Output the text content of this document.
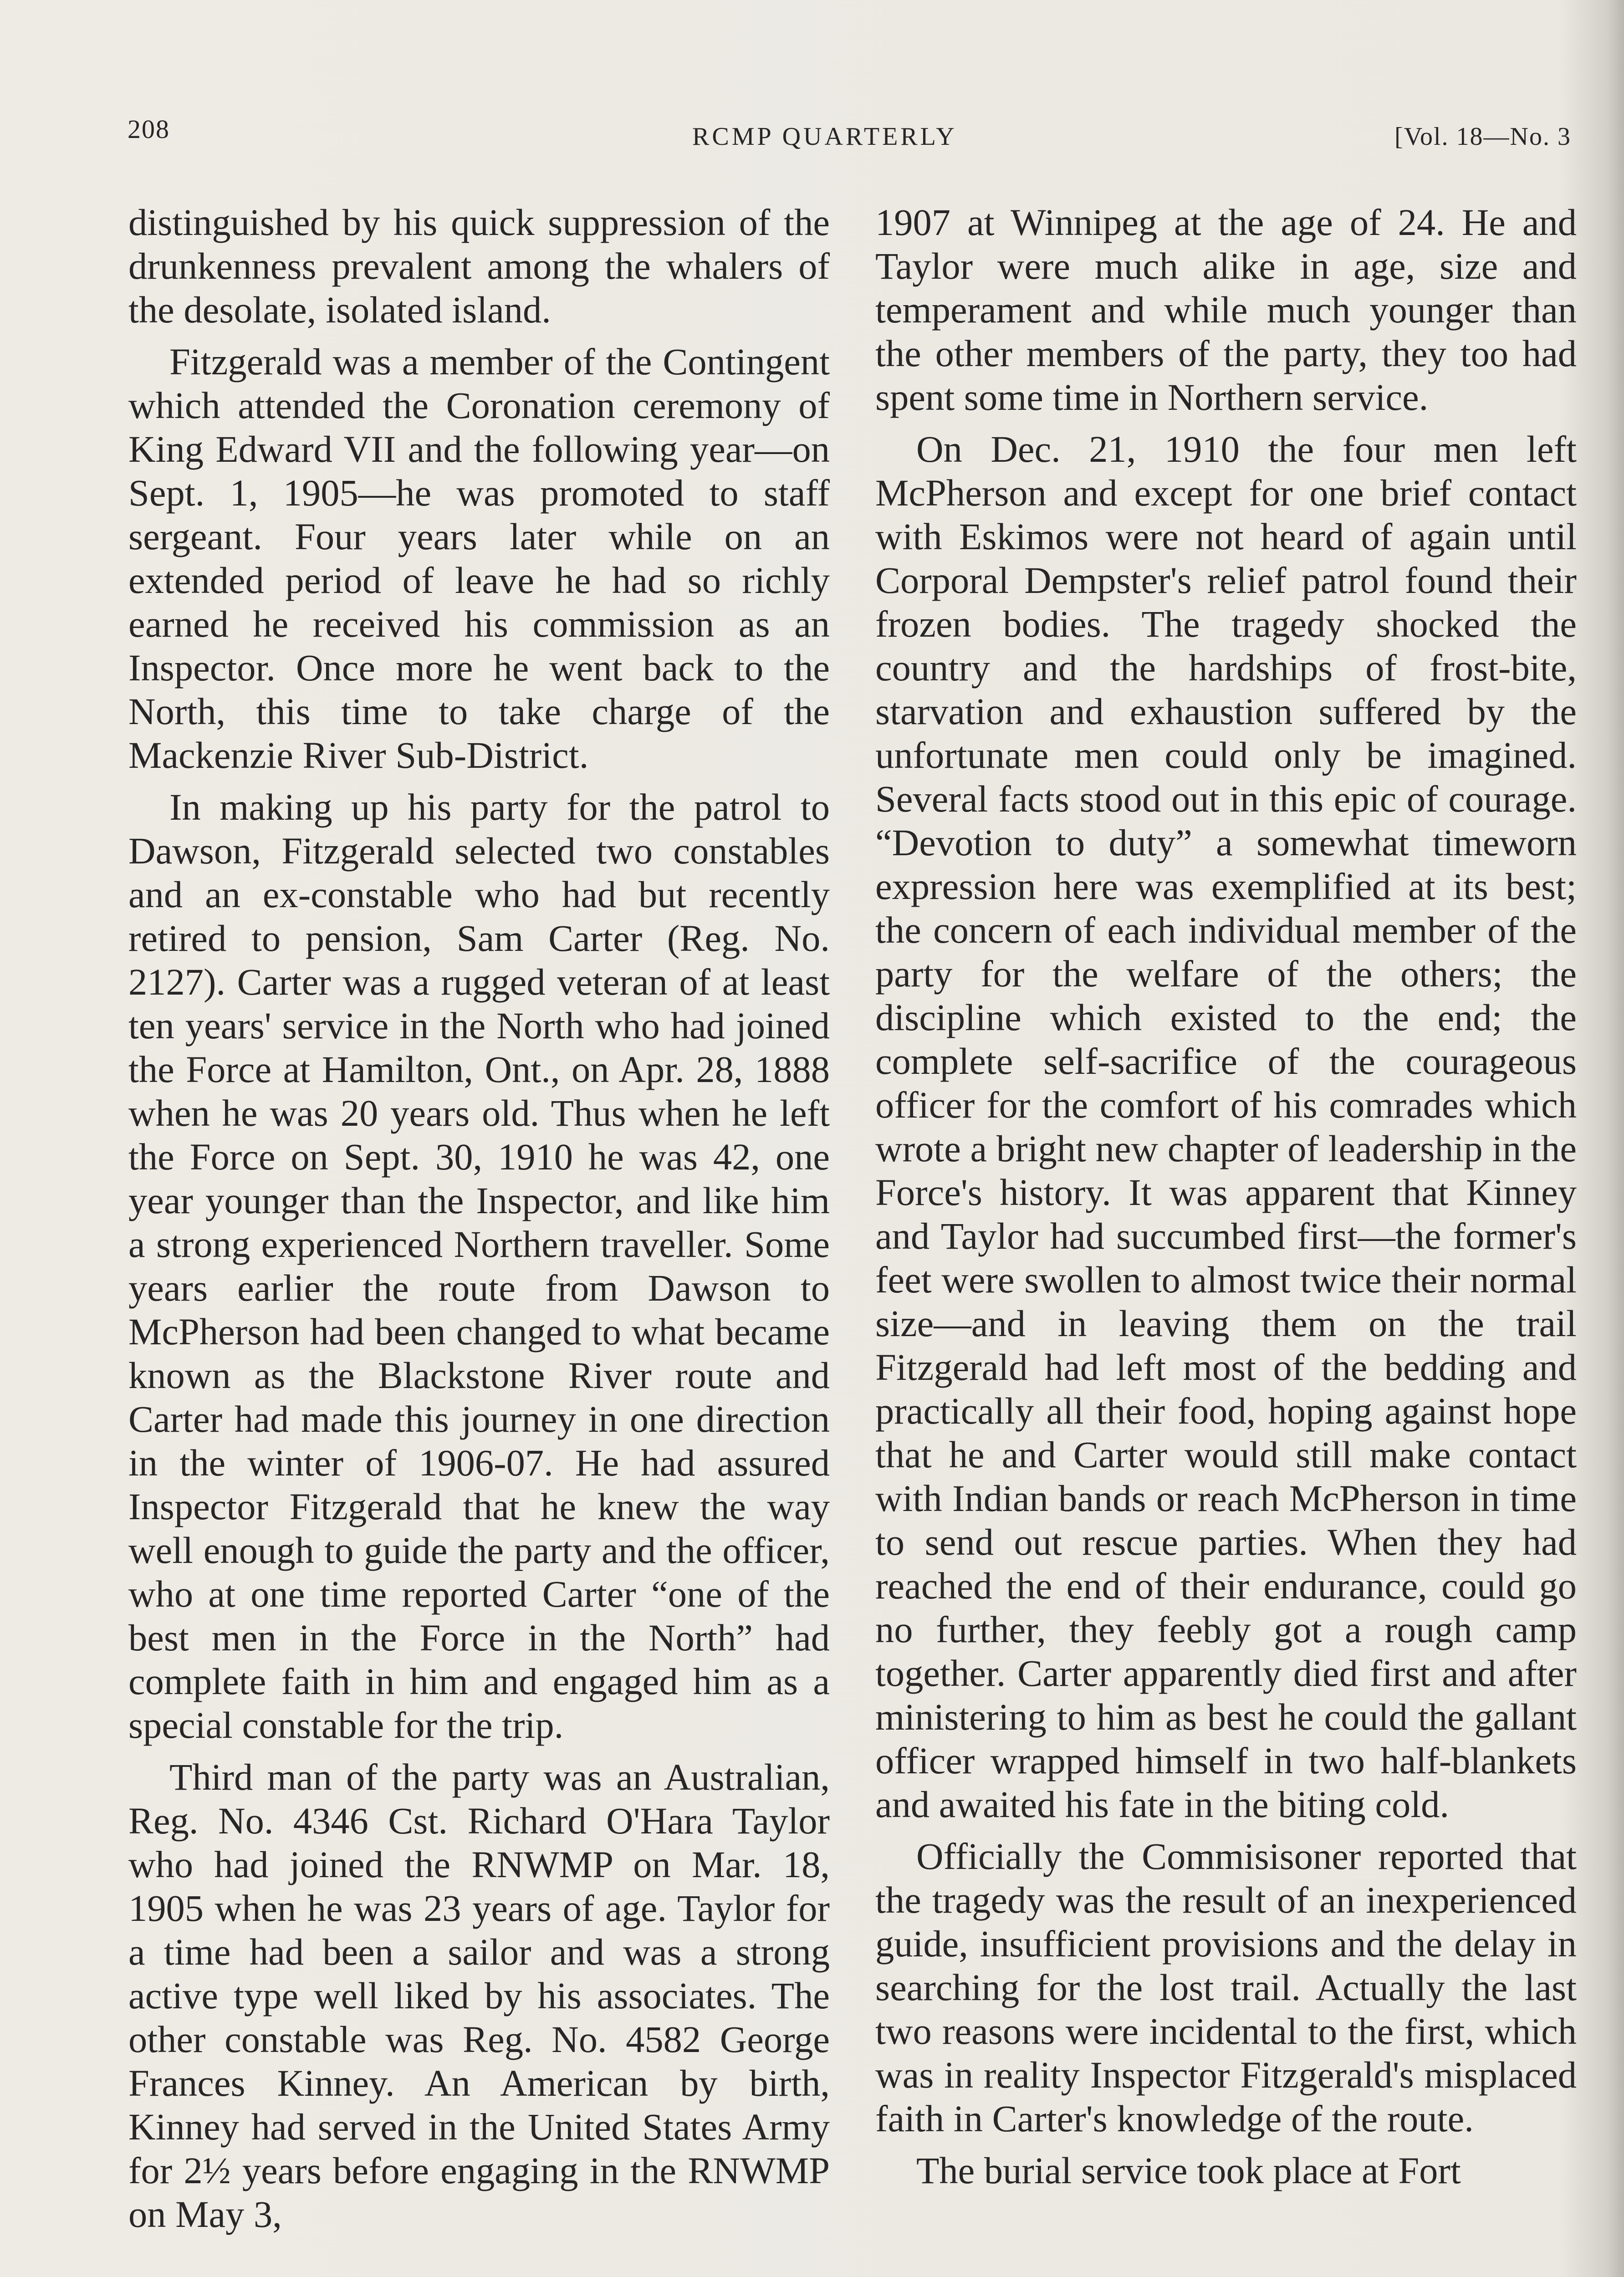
208	RCMP QUARTERLY	[Vol. 18—No. 3

distinguished by his quick suppression of the drunkenness prevalent among the whalers of the desolate, isolated island.

Fitzgerald was a member of the Contingent which attended the Coronation ceremony of King Edward VII and the following year—on Sept. 1, 1905—he was promoted to staff sergeant. Four years later while on an extended period of leave he had so richly earned he received his commission as an Inspector. Once more he went back to the North, this time to take charge of the Mackenzie River Sub-District.

In making up his party for the patrol to Dawson, Fitzgerald selected two constables and an ex-constable who had but recently retired to pension, Sam Carter (Reg. No. 2127). Carter was a rugged veteran of at least ten years' service in the North who had joined the Force at Hamilton, Ont., on Apr. 28, 1888 when he was 20 years old. Thus when he left the Force on Sept. 30, 1910 he was 42, one year younger than the Inspector, and like him a strong experienced Northern traveller. Some years earlier the route from Dawson to McPherson had been changed to what became known as the Blackstone River route and Carter had made this journey in one direction in the winter of 1906-07. He had assured Inspector Fitzgerald that he knew the way well enough to guide the party and the officer, who at one time reported Carter “one of the best men in the Force in the North” had complete faith in him and engaged him as a special constable for the trip.

Third man of the party was an Australian, Reg. No. 4346 Cst. Richard O'Hara Taylor who had joined the RNWMP on Mar. 18, 1905 when he was 23 years of age. Taylor for a time had been a sailor and was a strong active type well liked by his associates. The other constable was Reg. No. 4582 George Frances Kinney. An American by birth, Kinney had served in the United States Army for 2½ years before engaging in the RNWMP on May 3,

1907 at Winnipeg at the age of 24. He and Taylor were much alike in age, size and temperament and while much younger than the other members of the party, they too had spent some time in Northern service.

On Dec. 21, 1910 the four men left McPherson and except for one brief contact with Eskimos were not heard of again until Corporal Dempster's relief patrol found their frozen bodies. The tragedy shocked the country and the hardships of frost-bite, starvation and exhaustion suffered by the unfortunate men could only be imagined. Several facts stood out in this epic of courage. “Devotion to duty” a somewhat timeworn expression here was exemplified at its best; the concern of each individual member of the party for the welfare of the others; the discipline which existed to the end; the complete self-sacrifice of the courageous officer for the comfort of his comrades which wrote a bright new chapter of leadership in the Force's history. It was apparent that Kinney and Taylor had succumbed first—the former's feet were swollen to almost twice their normal size—and in leaving them on the trail Fitzgerald had left most of the bedding and practically all their food, hoping against hope that he and Carter would still make contact with Indian bands or reach McPherson in time to send out rescue parties. When they had reached the end of their endurance, could go no further, they feebly got a rough camp together. Carter apparently died first and after ministering to him as best he could the gallant officer wrapped himself in two half-blankets and awaited his fate in the biting cold.

Officially the Commisisoner reported that the tragedy was the result of an inexperienced guide, insufficient provisions and the delay in searching for the lost trail. Actually the last two reasons were incidental to the first, which was in reality Inspector Fitzgerald's misplaced faith in Carter's knowledge of the route.

The burial service took place at Fort
